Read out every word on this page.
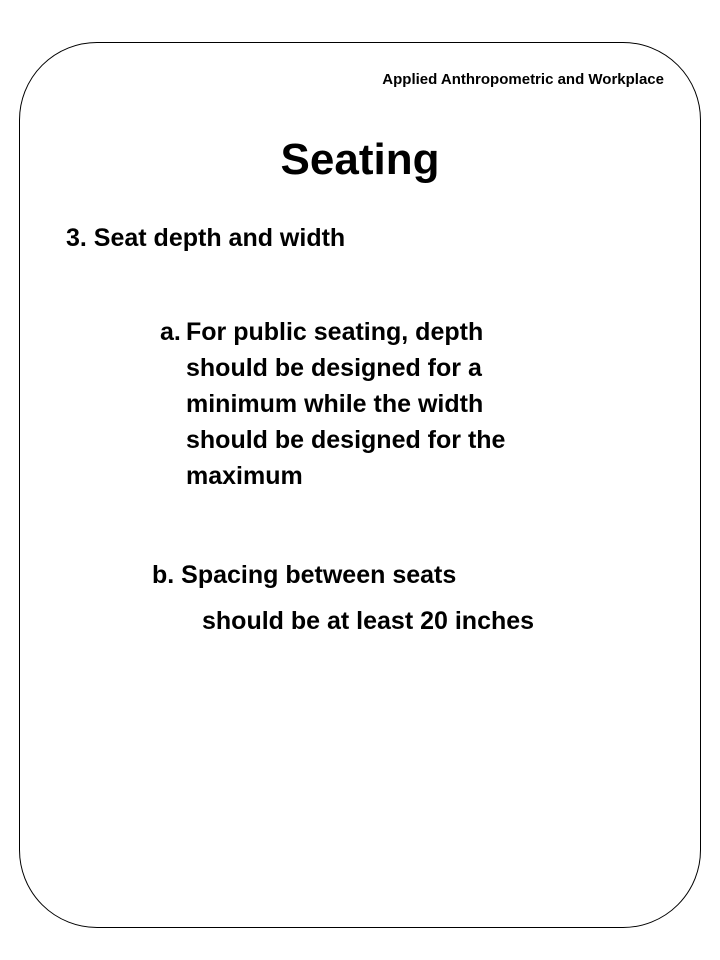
Applied Anthropometric and Workplace
Seating
3. Seat depth and width
a. For public seating, depth
should be designed for a
minimum while the width
should be designed for the
maximum
b. Spacing between seats
should be at least 20 inches
